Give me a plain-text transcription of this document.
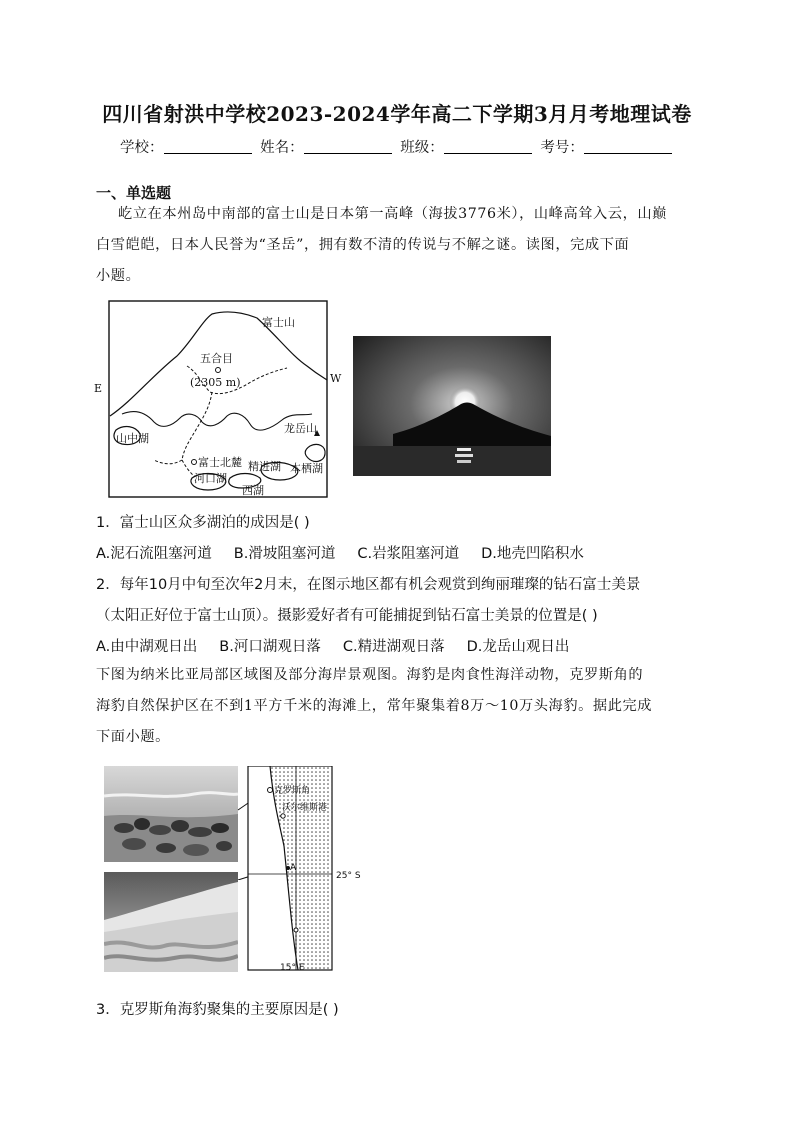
四川省射洪中学校2023-2024学年高二下学期3月月考地理试卷
学校：	姓名：	班级：	考号：
一、单选题
屹立在本州岛中南部的富士山是日本第一高峰（海拔3776米），山峰高耸入云，山巅
白雪皑皑，日本人民誉为“圣岳”，拥有数不清的传说与不解之谜。读图，完成下面
小题。
富士山
五合目
(2305 m)
E
W
山中湖
龙岳山
富士北麓 精进湖 本栖湖
河口湖
西湖
1．富士山区众多湖泊的成因是( )
A.泥石流阻塞河道 B.滑坡阻塞河道 C.岩浆阻塞河道 D.地壳凹陷积水
2．每年10月中旬至次年2月末，在图示地区都有机会观赏到绚丽璀璨的钻石富士美景
（太阳正好位于富士山顶）。摄影爱好者有可能捕捉到钻石富士美景的位置是( )
A.由中湖观日出 B.河口湖观日落 C.精进湖观日落 D.龙岳山观日出
下图为纳米比亚局部区域图及部分海岸景观图。海豹是肉食性海洋动物，克罗斯角的
海豹自然保护区在不到1平方千米的海滩上，常年聚集着8万～10万头海豹。据此完成
下面小题。
克罗斯角
沃尔维斯港
A
25° S
15° E
3．克罗斯角海豹聚集的主要原因是( )
